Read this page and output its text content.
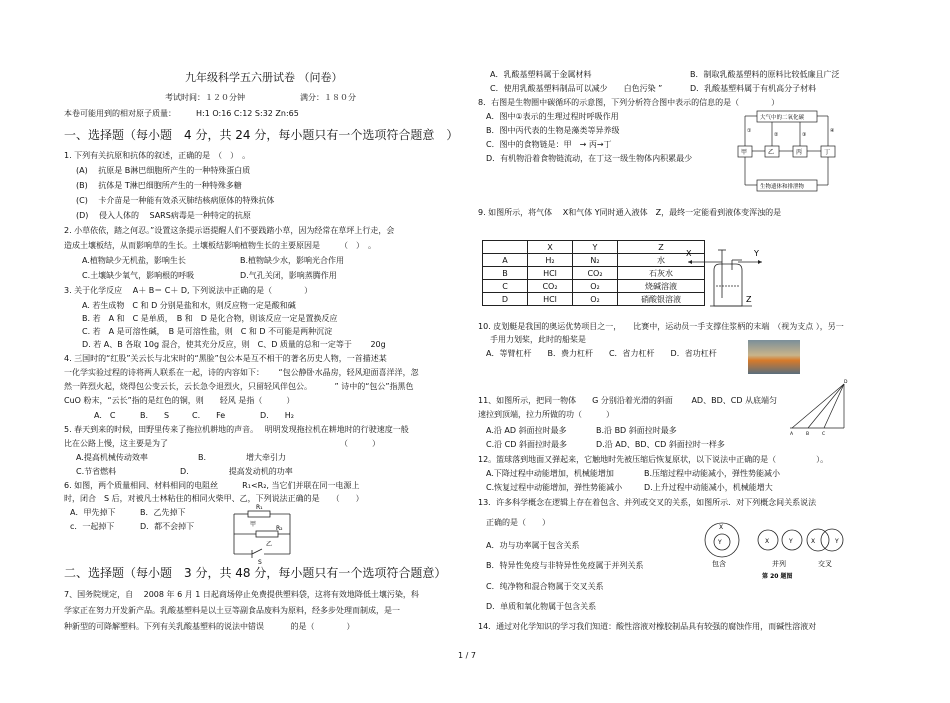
九年级科学五六册试卷 （问卷）
考试时间：１２０分钟	满分：１８０分
本卷可能用到的相对原子质量：	H:1 O:16 C:12 S:32 Zn:65
一、选择题（每小题　4 分，共 24 分，每小题只有一个选项符合题意　）
1. 下列有关抗原和抗体的叙述，正确的是　（　）　。
(A)　 抗原是 B淋巴细胞所产生的一种特殊蛋白质
(B)　 抗体是 T淋巴细胞所产生的一种特殊多糖
(C)　 卡介苗是一种能有效杀灭肺结核病原体的特殊抗体
(D)　 侵入人体的　 SARS病毒是一种特定的抗原
2. 小草依依，踏之何忍。”设置这条提示语提醒人们不要践踏小草，因为经常在草坪上行走，会
造成土壤板结，从而影响草的生长。土壤板结影响植物生长的主要原因是　　　（　）　。
A.植物缺少无机盐，影响生长	B.植物缺少水，影响光合作用
C.土壤缺少氧气，影响根的呼吸	D.气孔关闭，影响蒸腾作用
3. 关于化学反应　 A＋ B＝ C＋ D, 下列说法中正确的是（　　　　）
A. 若生成物　C 和 D 分别是盐和水，则反应物一定是酸和碱
B. 若　A 和　C 是单质，　B 和　D 是化合物，则该反应一定是置换反应
C. 若　A 是可溶性碱，　B 是可溶性盐，则　C 和 D 不可能是两种沉淀
D. 若 A、B 各取 10g 混合，使其充分反应，则　C、D 质量的总和一定等于　　 20g
4. 三国时的“红股”关云长与北宋时的“黑脸”包公本是互不相干的著名历史人物，一首描述某
一化学实验过程的诗将两人联系在一起，诗的内容如下：　　 “包公静卧水晶房，轻风迎面喜洋洋，忽
然一阵烈火起，烧得包公变云长，云长急令退烈火，只留轻风伴包公。　　　 ” 诗中的“包公”指黑色
CuO 粉末，“云长”指的是红色的铜，则　　轻风 是指（　　　）
A.　C	B.　　S	C.　　Fe	D.　　H₂
5. 春天到来的时候，田野里传来了拖拉机耕地的声音。　 明明发现拖拉机在耕地时的行驶速度一般
比在公路上慢，这主要是为了　　　　　　　　　　　　　　　　　　　　　　（　　　）
A.提高机械传动效率	B.　　　　　增大牵引力
C.节省燃料	D.　　　　　提高发动机的功率
6. 如图，两个质量相同、材料相同的电阻丝　　　R₁<R₂, 当它们并联在同一电源上
时，闭合　S 后，对被凡士林粘住的相同火柴甲、乙，下列说法正确的是　　（　　）
A．甲先掉下	B．乙先掉下
c．一起掉下	D．都不会掉下
R₁
甲
R₂
乙
S
二、选择题（每小题　3 分，共 48 分，每小题只有一个选项符合题意）
7、国务院规定，自　 2008 年 6 月 1 日起商场停止免费提供塑料袋，这将有效地降低土壤污染，科
学家正在努力开发新产品。乳酸基塑料是以土豆等副食品废料为原料，经多步处理而制成，是一
种新型的可降解塑料。下列有关乳酸基塑料的说法中错误　　　 的是（　　　　）
A．乳酸基塑料属于金属材料	B．制取乳酸基塑料的原料比较低廉且广泛
C．使用乳酸基塑料制品可以减少　　白色污染 ”	D．乳酸基塑料属于有机高分子材料
8．右图是生物圈中碳循环的示意图，下列分析符合图中表示的信息的是（　　　　）
A．图中①表示的生理过程时呼吸作用
B．图中丙代表的生物是藻类等异养级
C．图中的食物链是：甲　→ 丙→丁
D．有机物沿着食物链流动，在丁这一级生物体内积累最少
大气中的二氧化碳
甲	乙	丙	丁
生物遗体和排泄物
①
②	③
④
9. 如图所示，将气体　 X和气体 Y同时通入液体　Z，最终一定能看到液体变浑浊的是
	X	Y	Z
A	H₂	N₂	水
B	HCl	CO₂	石灰水
C	CO₂	O₂	烧碱溶液
D	HCl	O₂	硝酸银溶液
X	Y
Z
10. 皮划艇是我国的奥运优势项目之一，　　比赛中，运动员一手支撑住浆柄的末端　（视为支点 ），另一
手用力划桨，此时的船桨是
A．等臂杠杆　　B．费力杠杆　　C．省力杠杆　　D．省功杠杆
11、如图所示，把同一物体　　G 分别沿着光滑的斜面　　 AD、BD、CD 从底端匀
速拉到顶端，拉力所做的功（　　　）
A.沿 AD 斜面拉时最多	B.沿 BD 斜面拉时最多
C.沿 CD 斜面拉时最多	D.沿 AD、BD、CD 斜面拉时一样多
A	B	C
D
12。篮球落到地面又弹起来，它触地时先被压缩后恢复原状，以下说法中正确的是（　　　　　）。
A.下降过程中动能增加，机械能增加	B.压缩过程中动能减小，弹性势能减小
C.恢复过程中动能增加，弹性势能减小	D.上升过程中动能减小，机械能增大
13．许多科学概念在逻辑上存在着包含、并列或交叉的关系，如图所示．对下列概念间关系说法
正确的是（　　）
A．功与功率属于包含关系
B．特异性免疫与非特异性免疫属于并列关系
C．纯净物和混合物属于交叉关系
D．单质和氧化物属于包含关系
Y
X
X	Y	X	Y
包含	并列	交叉
第 20 题图
14．通过对化学知识的学习我们知道：酸性溶液对橡胶制品具有较强的腐蚀作用，而碱性溶液对
1 / 7
